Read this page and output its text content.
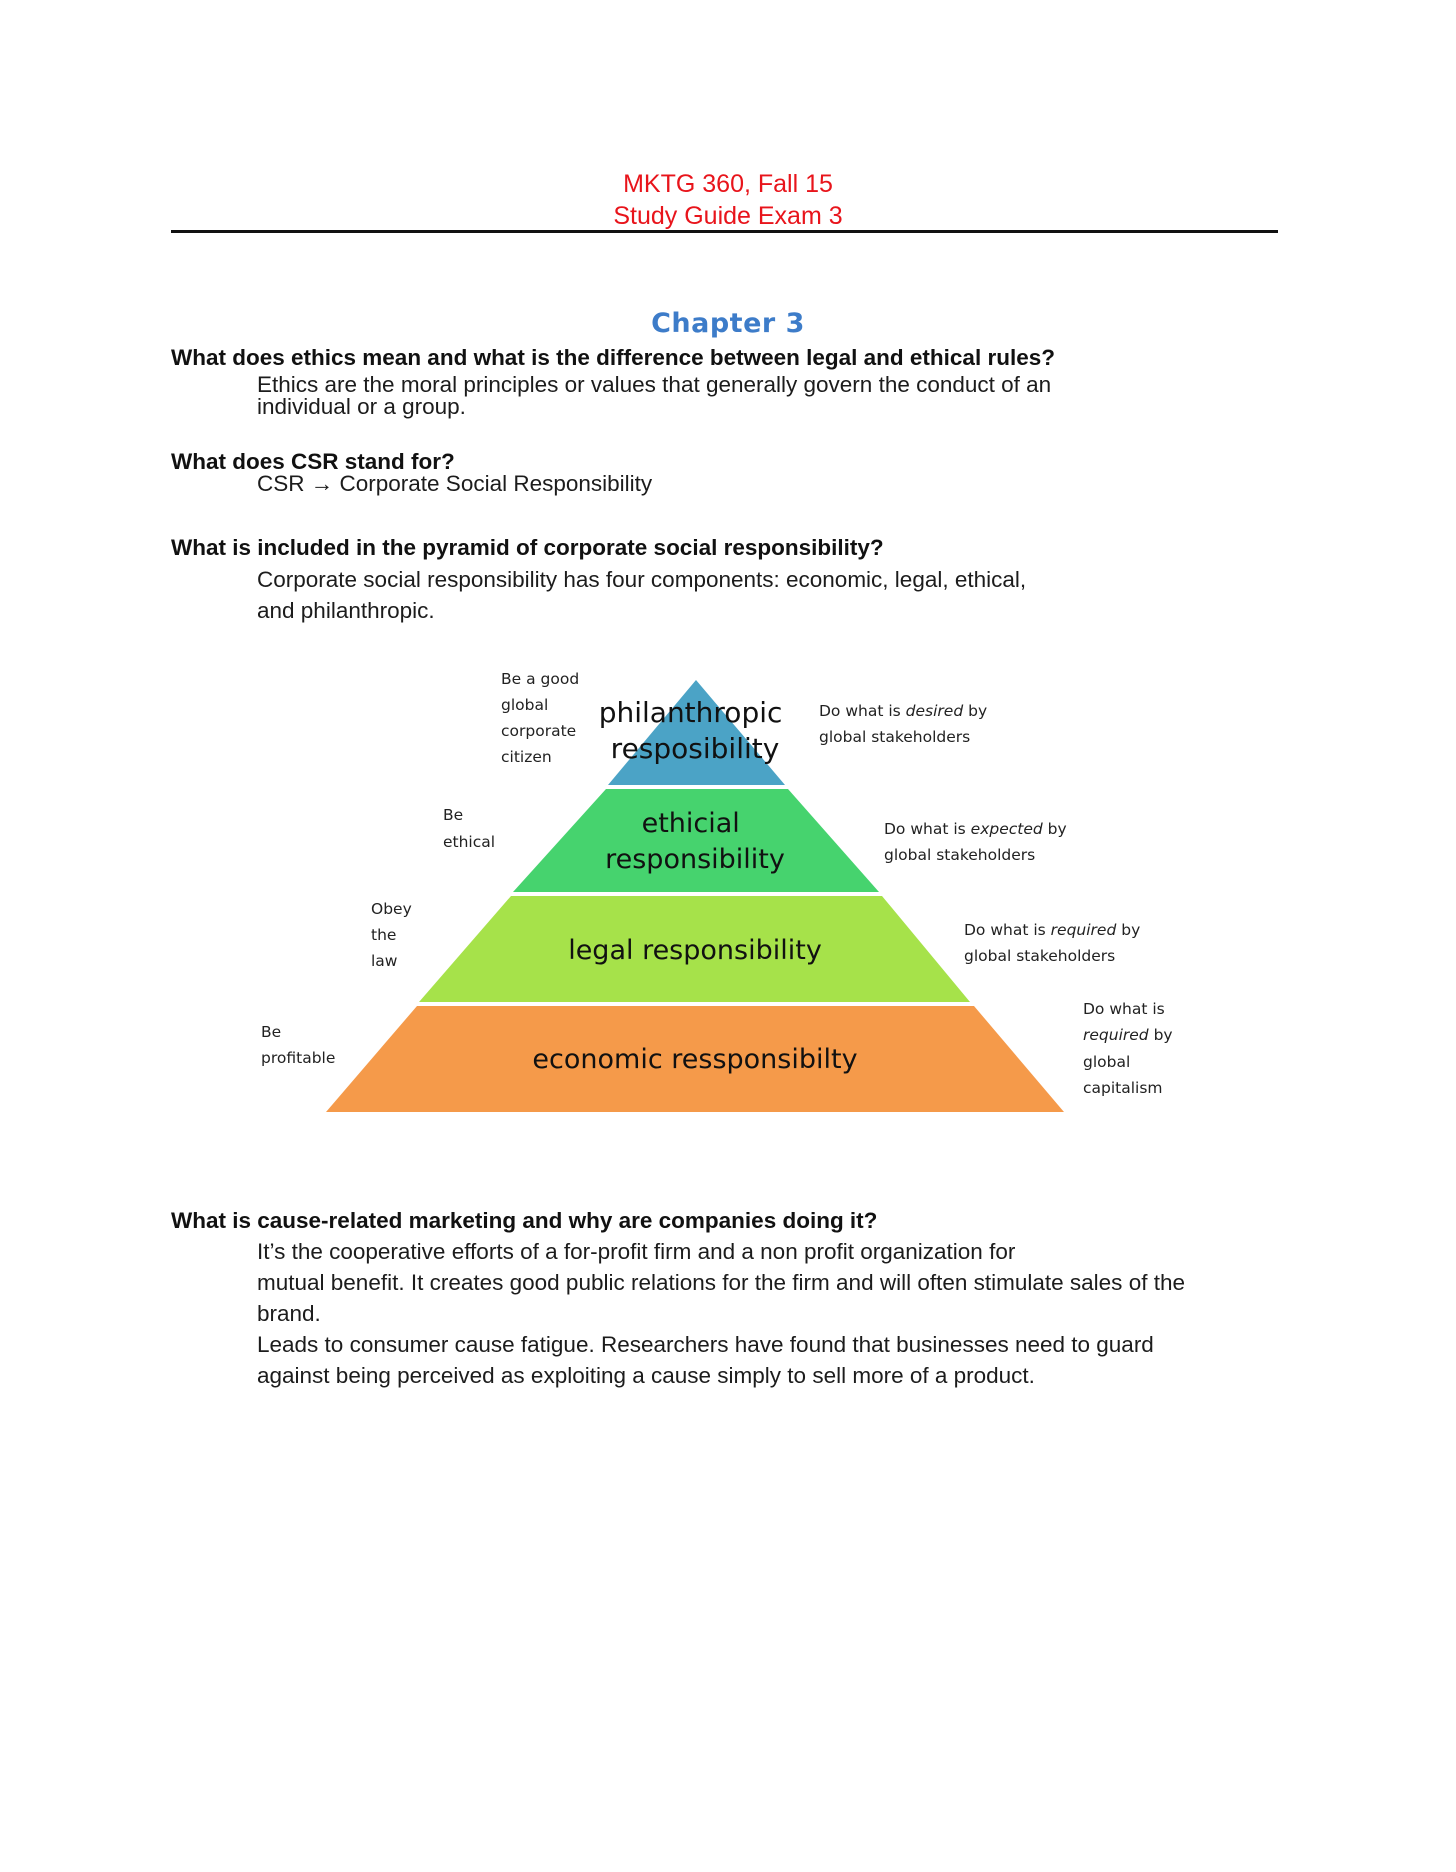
MKTG 360, Fall 15
Study Guide Exam 3
Chapter 3
What does ethics mean and what is the difference between legal and ethical rules?

Ethics are the moral principles or values that generally govern the conduct of an

individual or a group.

What does CSR stand for?

CSR → Corporate Social Responsibility

What is included in the pyramid of corporate social responsibility?

Corporate social responsibility has four components: economic, legal, ethical,

and philanthropic.

philanthropic resposibility
ethicial responsibility
legal responsibility
economic ressponsibilty
Be a good global corporate citizen
Be ethical
Obey the law
Be profitable
Do what is desired by global stakeholders
Do what is expected by global stakeholders
Do what is required by global stakeholders
Do what is required by global capitalism
What is cause-related marketing and why are companies doing it?

It’s the cooperative efforts of a for-profit firm and a non profit organization for

mutual benefit. It creates good public relations for the firm and will often stimulate sales of the

brand.

Leads to consumer cause fatigue. Researchers have found that businesses need to guard

against being perceived as exploiting a cause simply to sell more of a product.
